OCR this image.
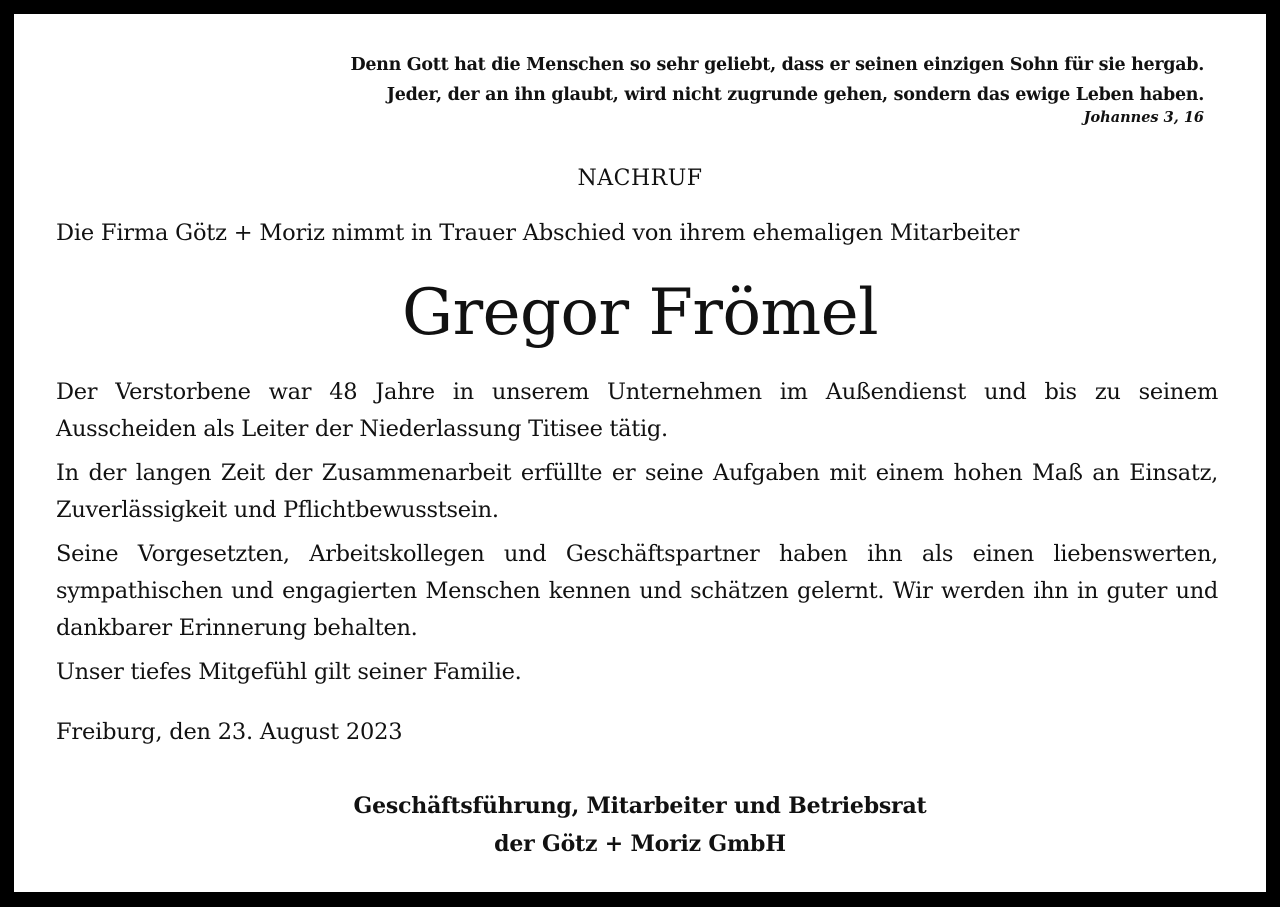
Denn Gott hat die Menschen so sehr geliebt, dass er seinen einzigen Sohn für sie hergab.
Jeder, der an ihn glaubt, wird nicht zugrunde gehen, sondern das ewige Leben haben.
Johannes 3, 16
NACHRUF
Die Firma Götz + Moriz nimmt in Trauer Abschied von ihrem ehemaligen Mitarbeiter
Gregor Frömel

Der Verstorbene war 48 Jahre in unserem Unternehmen im Außendienst und bis zu seinem Ausscheiden als Leiter der Niederlassung Titisee tätig.

In der langen Zeit der Zusammenarbeit erfüllte er seine Aufgaben mit einem hohen Maß an Einsatz, Zuverlässigkeit und Pflichtbewusstsein.

Seine Vorgesetzten, Arbeitskollegen und Geschäftspartner haben ihn als einen liebenswerten, sympathischen und engagierten Menschen kennen und schätzen gelernt. Wir werden ihn in guter und dankbarer Erinnerung behalten.

Unser tiefes Mitgefühl gilt seiner Familie.

Freiburg, den 23. August 2023
Geschäftsführung, Mitarbeiter und Betriebsrat
der Götz + Moriz GmbH
